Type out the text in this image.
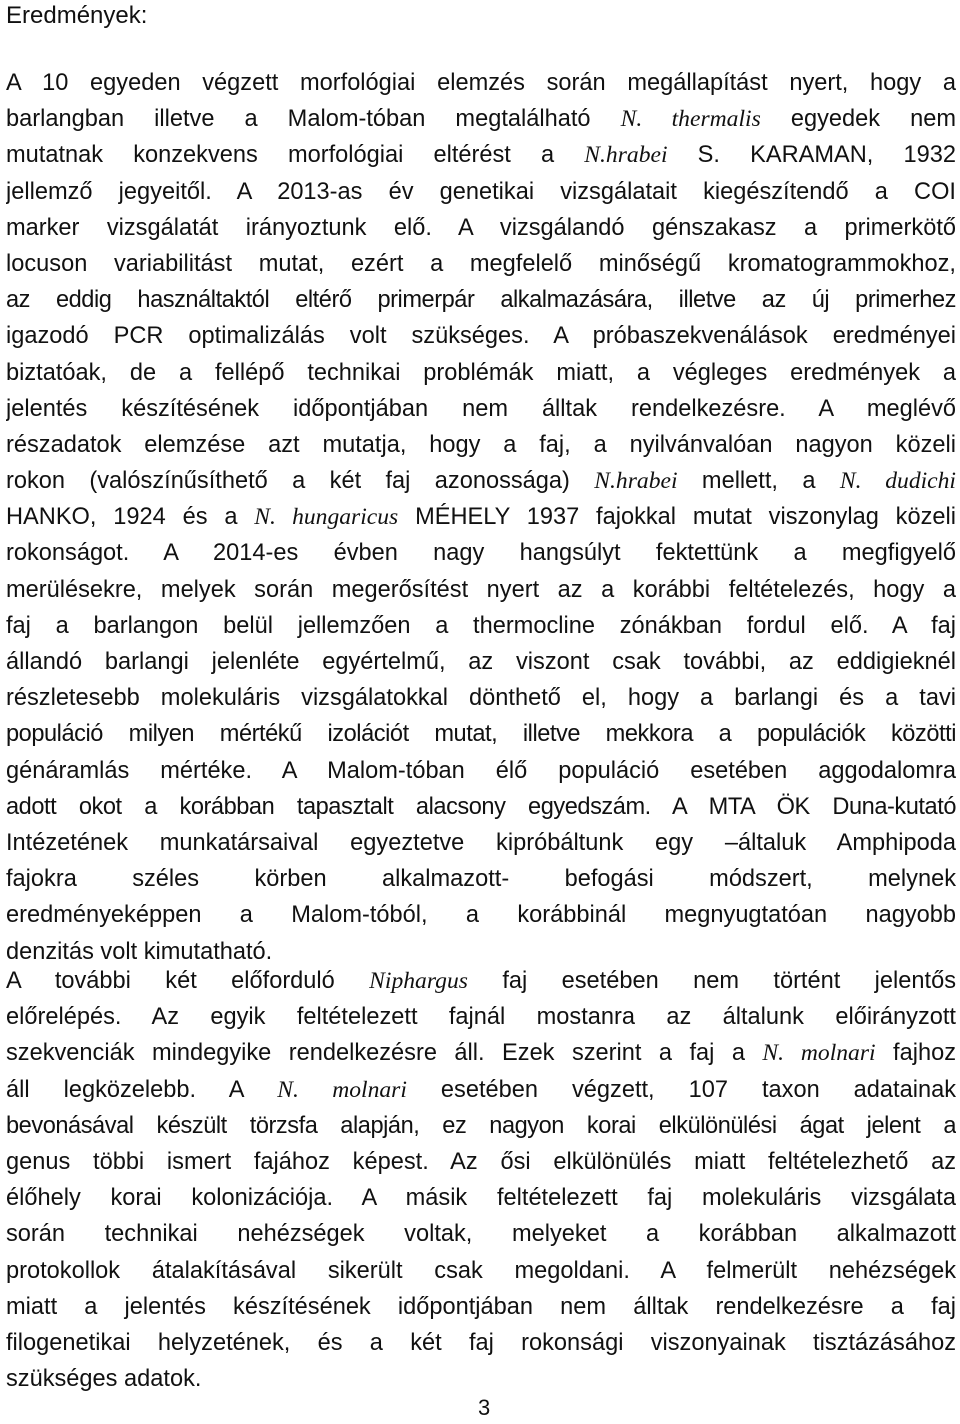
Eredmények:
A 10 egyeden végzett morfológiai elemzés során megállapítást nyert, hogy a
barlangban illetve a Malom-tóban megtalálható N. thermalis egyedek nem
mutatnak konzekvens morfológiai eltérést a N.hrabei S. KARAMAN, 1932
jellemző jegyeitől. A 2013-as év genetikai vizsgálatait kiegészítendő a COI
marker vizsgálatát irányoztunk elő. A vizsgálandó génszakasz a primerkötő
locuson variabilitást mutat, ezért a megfelelő minőségű kromatogrammokhoz,
az eddig használtaktól eltérő primerpár alkalmazására, illetve az új primerhez
igazodó PCR optimalizálás volt szükséges. A próbaszekvenálások eredményei
biztatóak, de a fellépő technikai problémák miatt, a végleges eredmények a
jelentés készítésének időpontjában nem álltak rendelkezésre. A meglévő
részadatok elemzése azt mutatja, hogy a faj, a nyilvánvalóan nagyon közeli
rokon (valószínűsíthető a két faj azonossága) N.hrabei mellett, a N. dudichi
HANKO, 1924 és a N. hungaricus MÉHELY 1937 fajokkal mutat viszonylag közeli
rokonságot. A 2014-es évben nagy hangsúlyt fektettünk a megfigyelő
merülésekre, melyek során megerősítést nyert az a korábbi feltételezés, hogy a
faj a barlangon belül jellemzően a thermocline zónákban fordul elő. A faj
állandó barlangi jelenléte egyértelmű, az viszont csak további, az eddigieknél
részletesebb molekuláris vizsgálatokkal dönthető el, hogy a barlangi és a tavi
populáció milyen mértékű izolációt mutat, illetve mekkora a populációk közötti
génáramlás mértéke. A Malom-tóban élő populáció esetében aggodalomra
adott okot a korábban tapasztalt alacsony egyedszám. A MTA ÖK Duna-kutató
Intézetének munkatársaival egyeztetve kipróbáltunk egy –általuk Amphipoda
fajokra széles körben alkalmazott- befogási módszert, melynek
eredményeképpen a Malom-tóból, a korábbinál megnyugtatóan nagyobb
denzitás volt kimutatható.
A további két előforduló Niphargus faj esetében nem történt jelentős
előrelépés. Az egyik feltételezett fajnál mostanra az általunk előirányzott
szekvenciák mindegyike rendelkezésre áll. Ezek szerint a faj a N. molnari fajhoz
áll legközelebb. A N. molnari esetében végzett, 107 taxon adatainak
bevonásával készült törzsfa alapján, ez nagyon korai elkülönülési ágat jelent a
genus többi ismert fajához képest. Az ősi elkülönülés miatt feltételezhető az
élőhely korai kolonizációja. A másik feltételezett faj molekuláris vizsgálata
során technikai nehézségek voltak, melyeket a korábban alkalmazott
protokollok átalakításával sikerült csak megoldani. A felmerült nehézségek
miatt a jelentés készítésének időpontjában nem álltak rendelkezésre a faj
filogenetikai helyzetének, és a két faj rokonsági viszonyainak tisztázásához
szükséges adatok.
3
